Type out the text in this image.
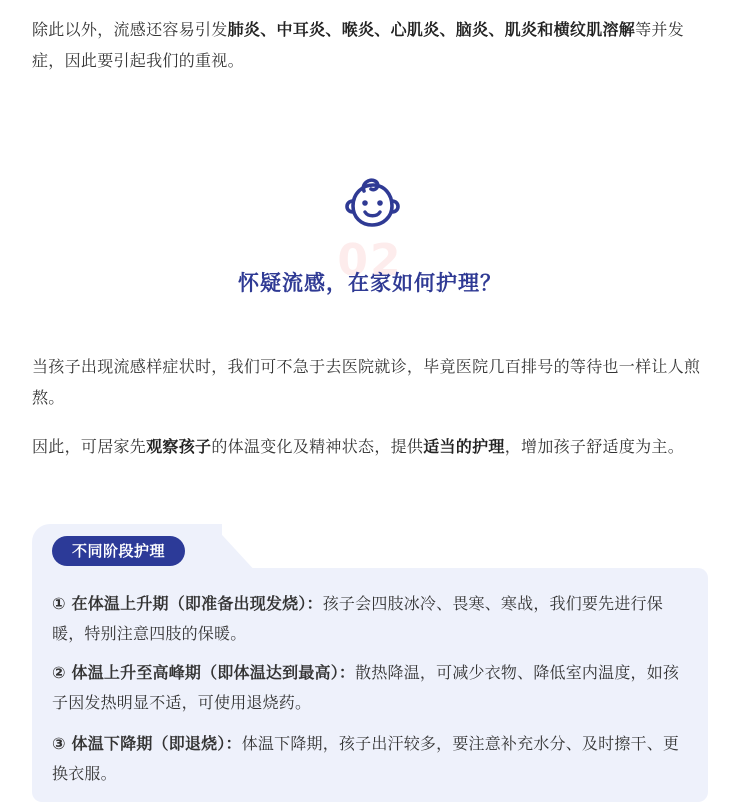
除此以外，流感还容易引发肺炎、中耳炎、喉炎、心肌炎、脑炎、肌炎和横纹肌溶解等并发症，因此要引起我们的重视。

02
怀疑流感，在家如何护理？

当孩子出现流感样症状时，我们可不急于去医院就诊，毕竟医院几百排号的等待也一样让人煎熬。

因此，可居家先观察孩子的体温变化及精神状态，提供适当的护理，增加孩子舒适度为主。

不同阶段护理

① 在体温上升期（即准备出现发烧）：孩子会四肢冰冷、畏寒、寒战，我们要先进行保暖，特别注意四肢的保暖。

② 体温上升至高峰期（即体温达到最高）：散热降温，可减少衣物、降低室内温度，如孩子因发热明显不适，可使用退烧药。

③ 体温下降期（即退烧）：体温下降期，孩子出汗较多，要注意补充水分、及时擦干、更换衣服。
